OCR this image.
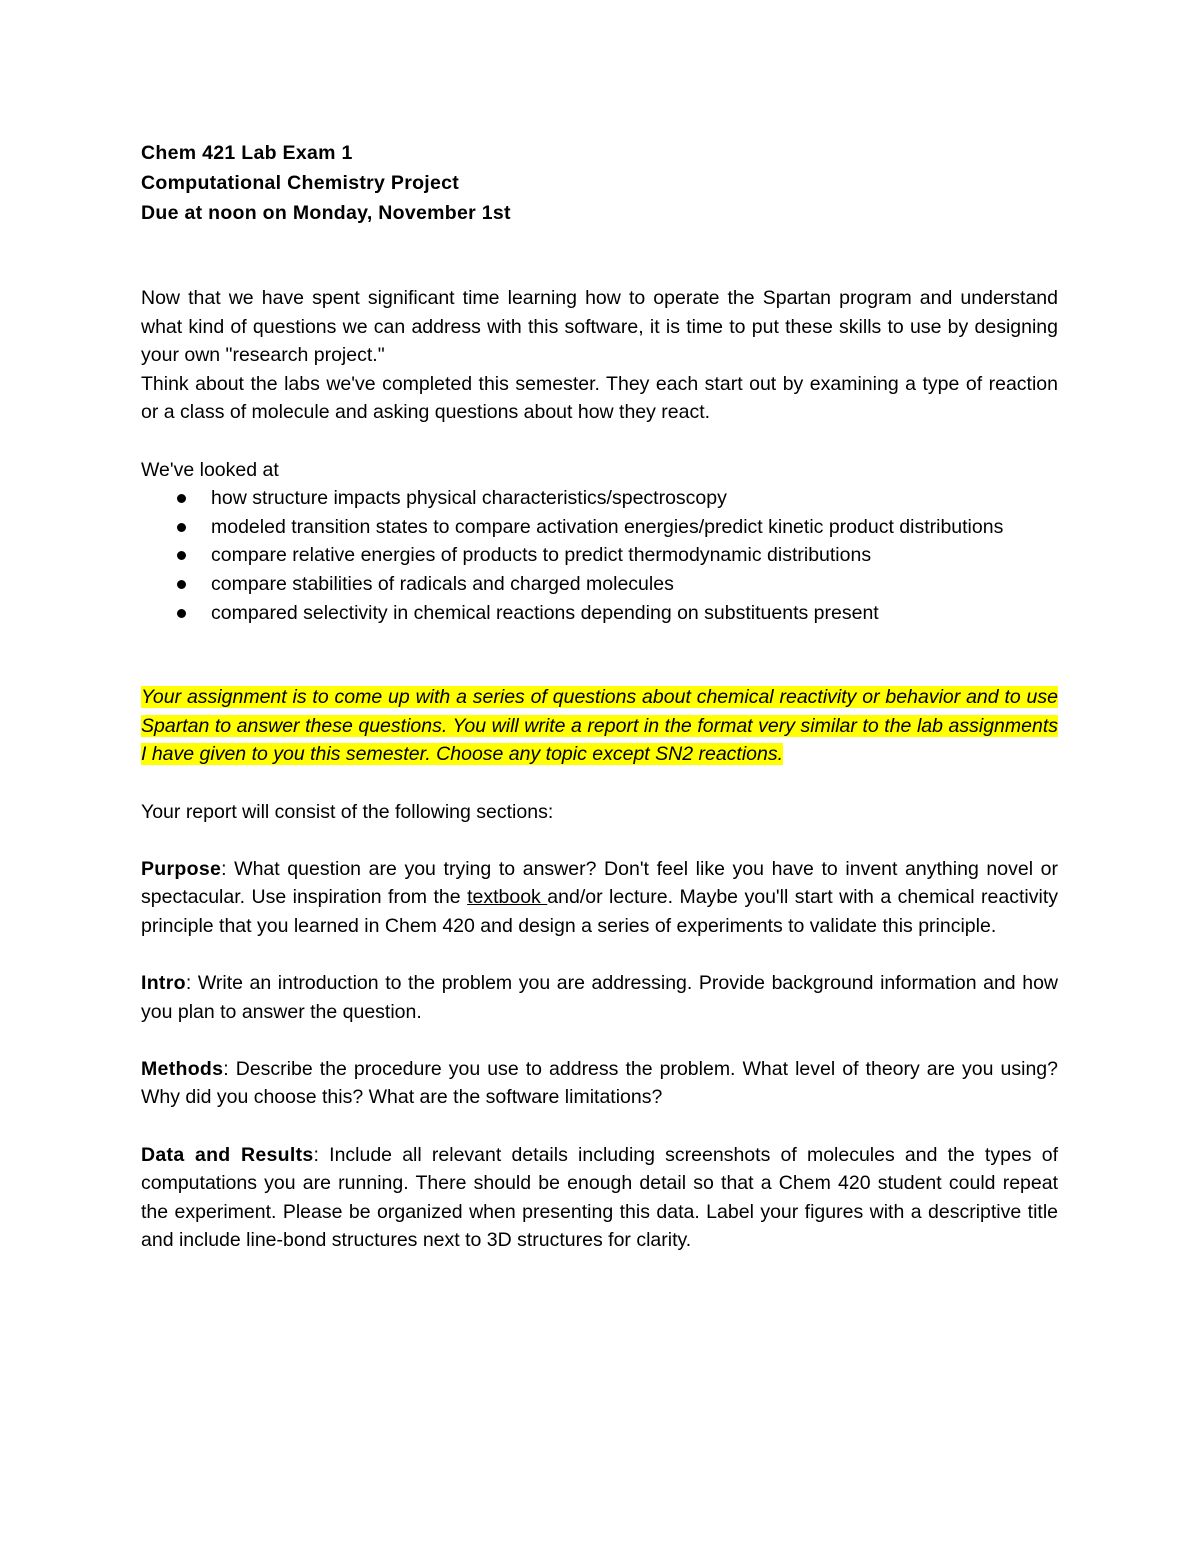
Chem 421 Lab Exam 1
Computational Chemistry Project
Due at noon on Monday, November 1st

Now that we have spent significant time learning how to operate the Spartan program and understand what kind of questions we can address with this software, it is time to put these skills to use by designing your own "research project."

Think about the labs we've completed this semester. They each start out by examining a type of reaction or a class of molecule and asking questions about how they react.

We've looked at
how structure impacts physical characteristics/spectroscopy
modeled transition states to compare activation energies/predict kinetic product distributions
compare relative energies of products to predict thermodynamic distributions
compare stabilities of radicals and charged molecules
compared selectivity in chemical reactions depending on substituents present

Your assignment is to come up with a series of questions about chemical reactivity or behavior and to use Spartan to answer these questions. You will write a report in the format very similar to the lab assignments I have given to you this semester. Choose any topic except SN2 reactions.

Your report will consist of the following sections:

Purpose: What question are you trying to answer? Don't feel like you have to invent anything novel or spectacular. Use inspiration from the textbook and/or lecture. Maybe you'll start with a chemical reactivity principle that you learned in Chem 420 and design a series of experiments to validate this principle.

Intro: Write an introduction to the problem you are addressing. Provide background information and how you plan to answer the question.

Methods: Describe the procedure you use to address the problem. What level of theory are you using? Why did you choose this? What are the software limitations?

Data and Results: Include all relevant details including screenshots of molecules and the types of computations you are running. There should be enough detail so that a Chem 420 student could repeat the experiment. Please be organized when presenting this data. Label your figures with a descriptive title and include line-bond structures next to 3D structures for clarity.
